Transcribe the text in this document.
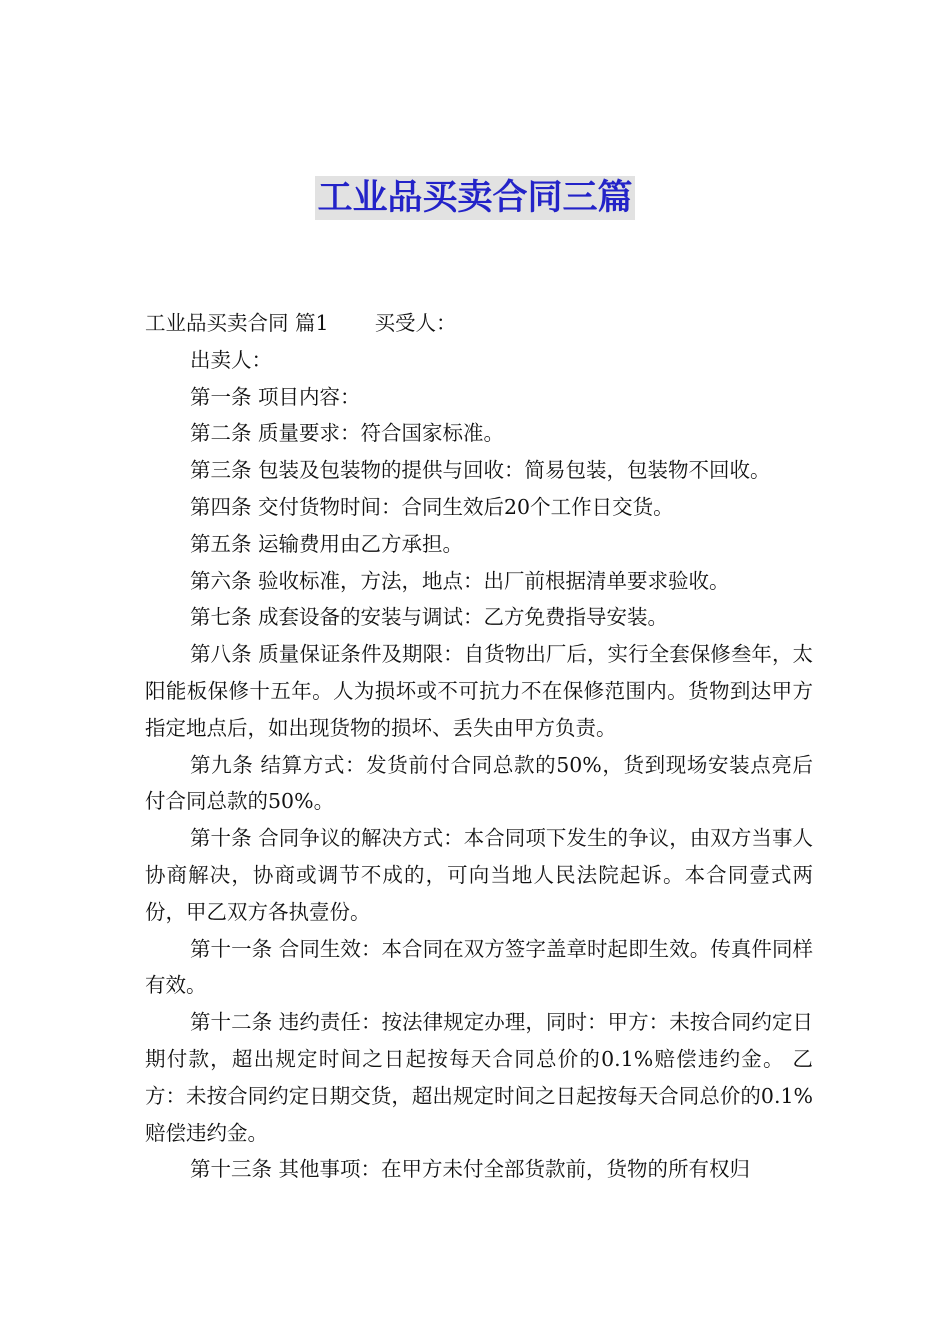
工业品买卖合同三篇

工业品买卖合同 篇1 买受人：

出卖人：

第一条 项目内容：

第二条 质量要求：符合国家标准。

第三条 包装及包装物的提供与回收：简易包装，包装物不回收。

第四条 交付货物时间：合同生效后20个工作日交货。

第五条 运输费用由乙方承担。

第六条 验收标准，方法，地点：出厂前根据清单要求验收。

第七条 成套设备的安装与调试：乙方免费指导安装。

第八条 质量保证条件及期限：自货物出厂后，实行全套保修叁年，太阳能板保修十五年。人为损坏或不可抗力不在保修范围内。货物到达甲方指定地点后，如出现货物的损坏、丢失由甲方负责。

第九条 结算方式：发货前付合同总款的50%，货到现场安装点亮后付合同总款的50%。

第十条 合同争议的解决方式：本合同项下发生的争议，由双方当事人协商解决，协商或调节不成的，可向当地人民法院起诉。本合同壹式两份，甲乙双方各执壹份。

第十一条 合同生效：本合同在双方签字盖章时起即生效。传真件同样有效。

第十二条 违约责任：按法律规定办理，同时：甲方：未按合同约定日期付款，超出规定时间之日起按每天合同总价的0.1%赔偿违约金。 乙方：未按合同约定日期交货，超出规定时间之日起按每天合同总价的0.1%赔偿违约金。

第十三条 其他事项：在甲方未付全部货款前，货物的所有权归
